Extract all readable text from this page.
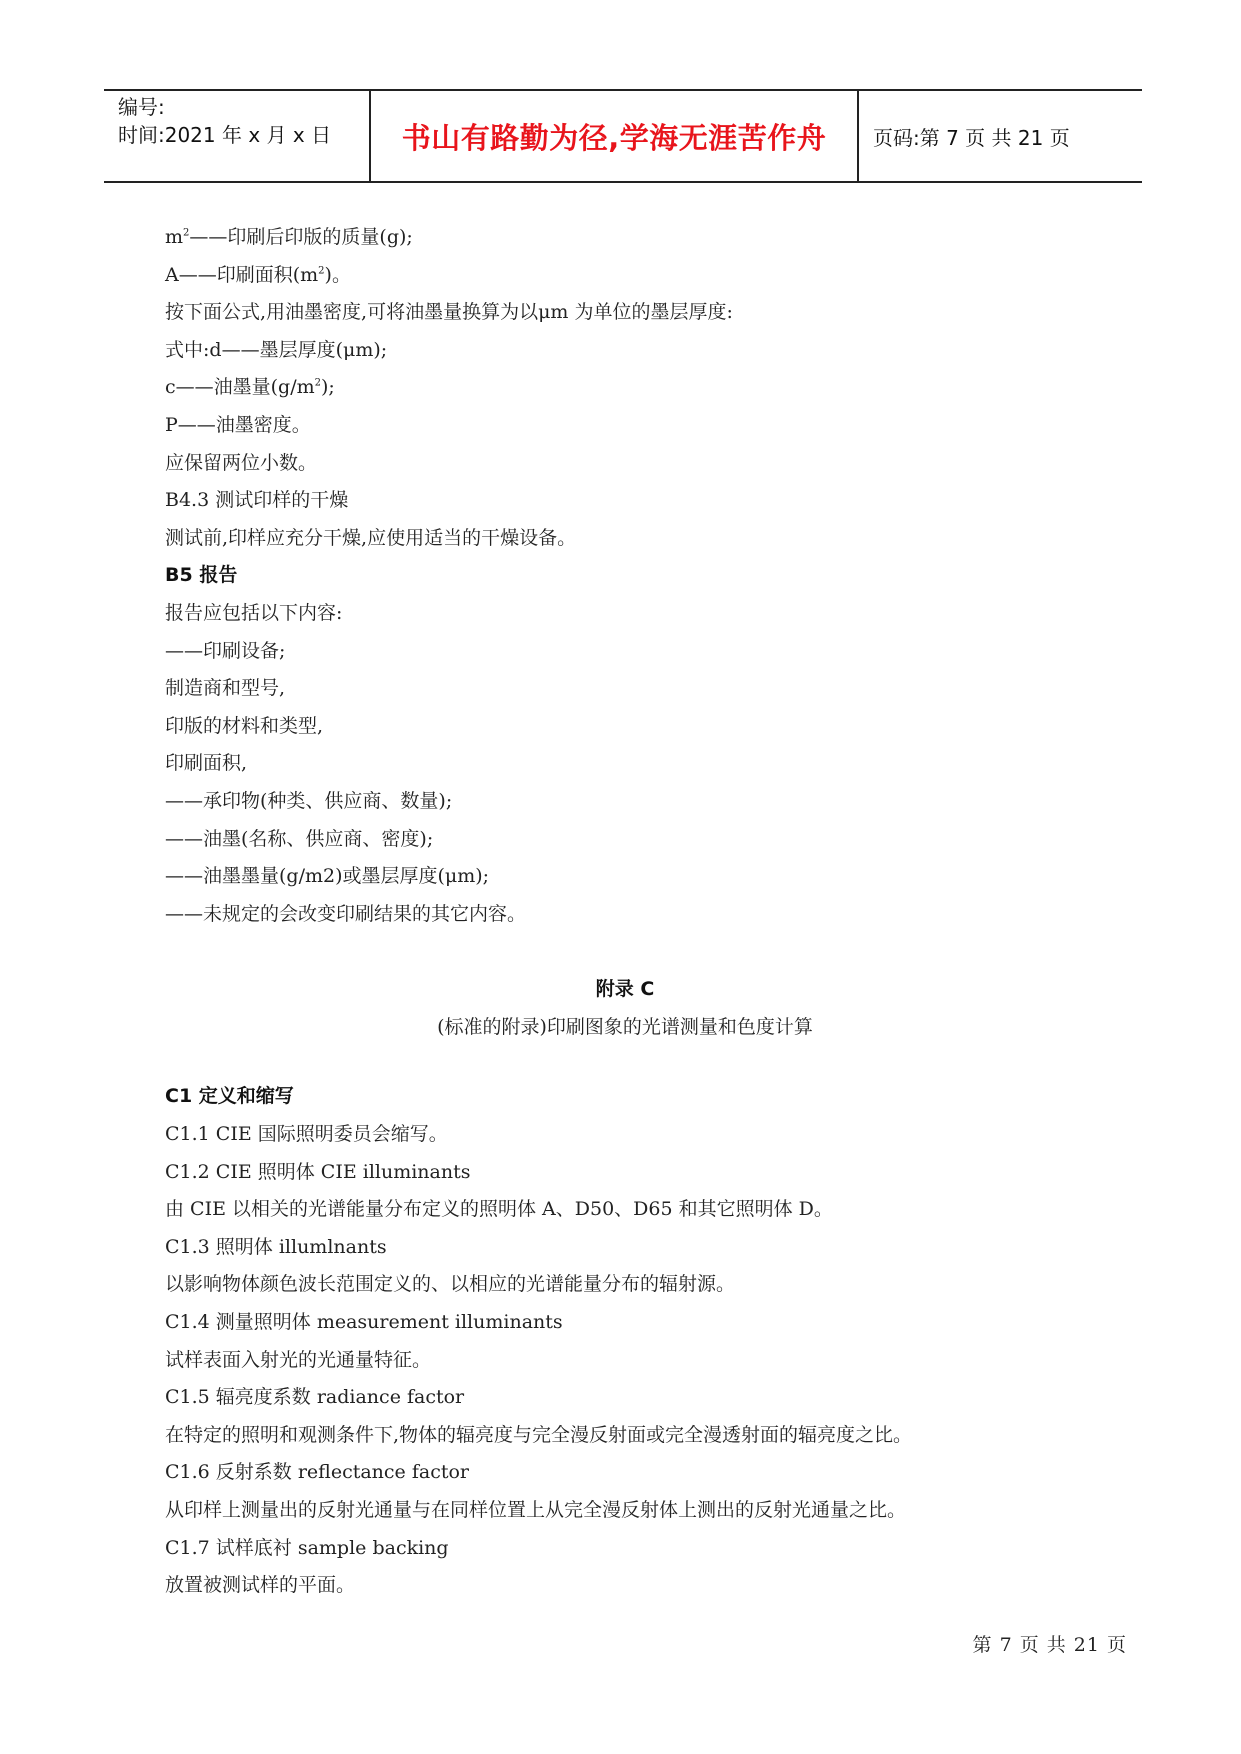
编号:
时间:2021 年 x 月 x 日	书山有路勤为径,学海无涯苦作舟 页码:第 7 页 共 21 页
$m^2——$印刷后印版的质量(g);
A——印刷面积$(m^2)$。
按下面公式,用油墨密度,可将油墨量换算为以μm 为单位的墨层厚度:
式中:d——墨层厚度(μm);
c——油墨量$(g/m^2)$;
P——油墨密度。
应保留两位小数。
B4.3 测试印样的干燥
测试前,印样应充分干燥,应使用适当的干燥设备。
B5 报告
报告应包括以下内容:
——印刷设备;
制造商和型号,
印版的材料和类型,
印刷面积,
——承印物(种类、供应商、数量);
——油墨(名称、供应商、密度);
——油墨墨量(g/m2)或墨层厚度(μm);
——未规定的会改变印刷结果的其它内容。
附录 C
(标准的附录)印刷图象的光谱测量和色度计算
C1 定义和缩写
C1.1 CIE 国际照明委员会缩写。
C1.2 CIE 照明体 CIE illuminants
由 CIE 以相关的光谱能量分布定义的照明体 A、D50、D65 和其它照明体 D。
C1.3 照明体 illumlnants
以影响物体颜色波长范围定义的、以相应的光谱能量分布的辐射源。
C1.4 测量照明体 measurement illuminants
试样表面入射光的光通量特征。
C1.5 辐亮度系数 radiance factor
在特定的照明和观测条件下,物体的辐亮度与完全漫反射面或完全漫透射面的辐亮度之比。
C1.6 反射系数 reflectance factor
从印样上测量出的反射光通量与在同样位置上从完全漫反射体上测出的反射光通量之比。
C1.7 试样底衬 sample backing
放置被测试样的平面。
第 7 页 共 21 页
